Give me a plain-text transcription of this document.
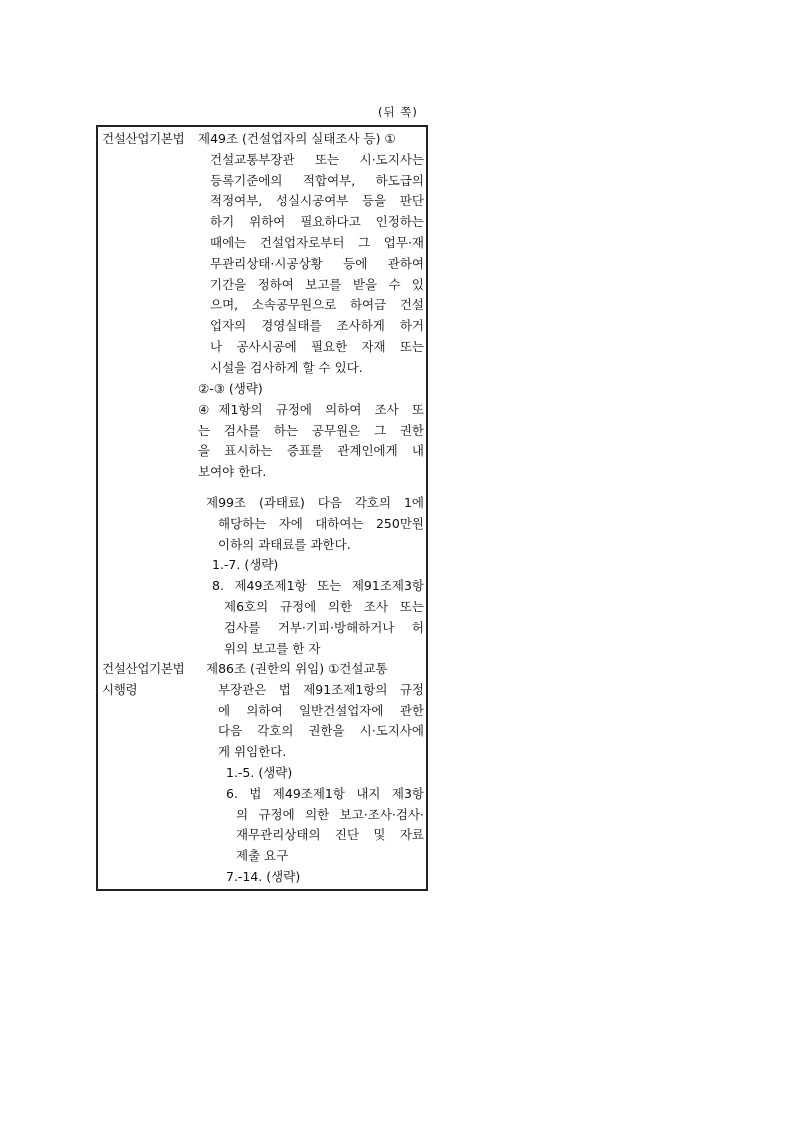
(뒤 쪽)
건설산업기본법 제49조 (건설업자의 실태조사 등) ①
건설교통부장관 또는 시·도지사는
등록기준에의 적합여부, 하도급의
적정여부, 성실시공여부 등을 판단
하기 위하여 필요하다고 인정하는
때에는 건설업자로부터 그 업무·재
무관리상태·시공상황 등에 관하여
기간을 정하여 보고를 받을 수 있
으며, 소속공무원으로 하여금 건설
업자의 경영실태를 조사하게 하거
나 공사시공에 필요한 자재 또는
시설을 검사하게 할 수 있다.
②-③ (생략)
④제1항의 규정에 의하여 조사 또
는 검사를 하는 공무원은 그 권한
을 표시하는 증표를 관계인에게 내
보여야 한다.
제99조 (과태료) 다음 각호의 1에
해당하는 자에 대하여는 250만원
이하의 과태료를 과한다.
1.-7. (생략)
8. 제49조제1항 또는 제91조제3항
제6호의 규정에 의한 조사 또는
검사를 거부·기피·방해하거나 허
위의 보고를 한 자
건설산업기본법
시행령
제86조 (권한의 위임) ①건설교통
부장관은 법 제91조제1항의 규정
에 의하여 일반건설업자에 관한
다음 각호의 권한을 시·도지사에
게 위임한다.
1.-5. (생략)
6. 법 제49조제1항 내지 제3항
의 규정에 의한 보고·조사·검사·
재무관리상태의 진단 및 자료
제출 요구
7.-14. (생략)
